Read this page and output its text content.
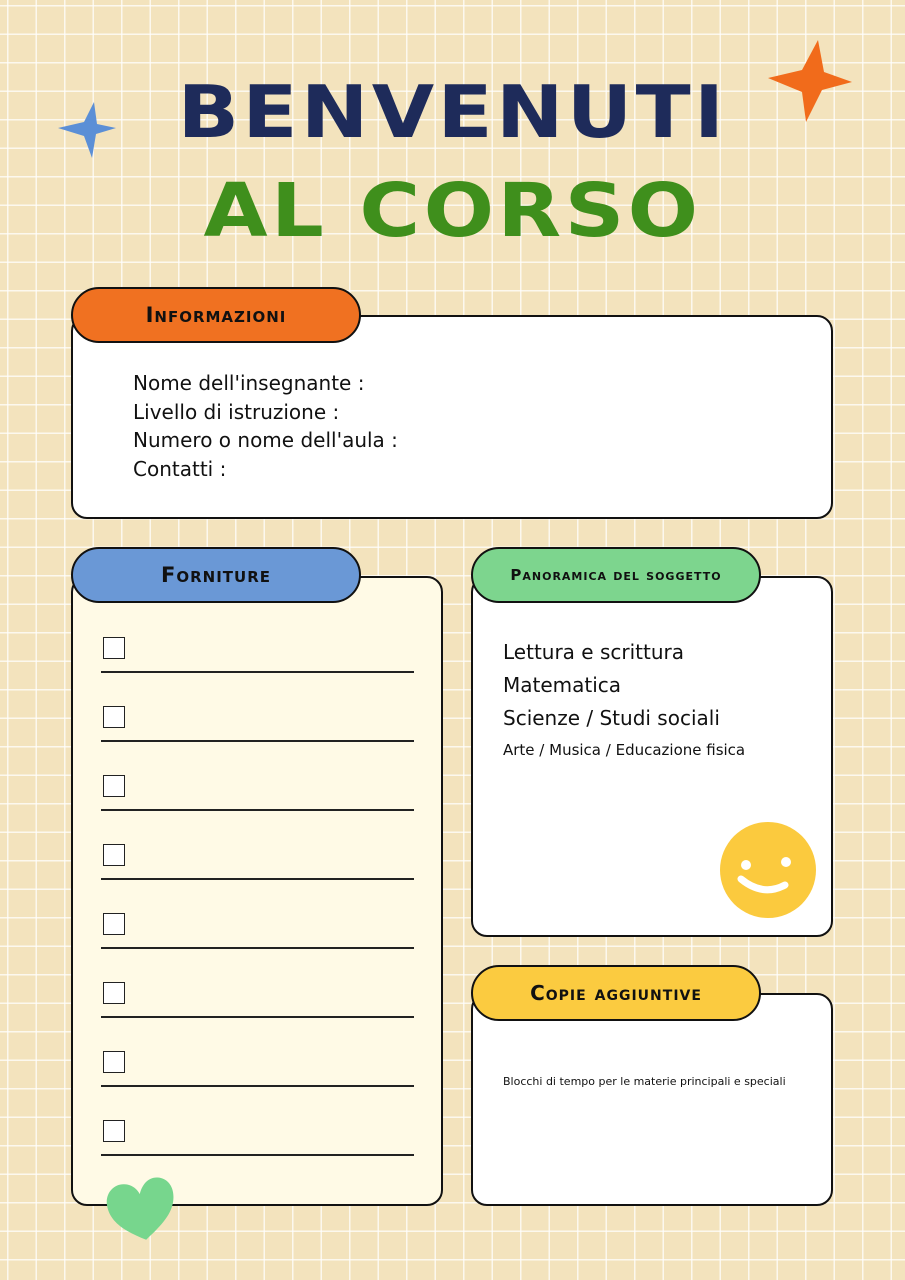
BENVENUTI
AL CORSO
Nome dell'insegnante :
Livello di istruzione :
Numero o nome dell'aula :
Contatti :
Informazioni
Forniture
Lettura e scrittura
Matematica
Scienze / Studi sociali
Arte / Musica / Educazione fisica
Panoramica del soggetto
Blocchi di tempo per le materie principali e speciali
Copie aggiuntive
